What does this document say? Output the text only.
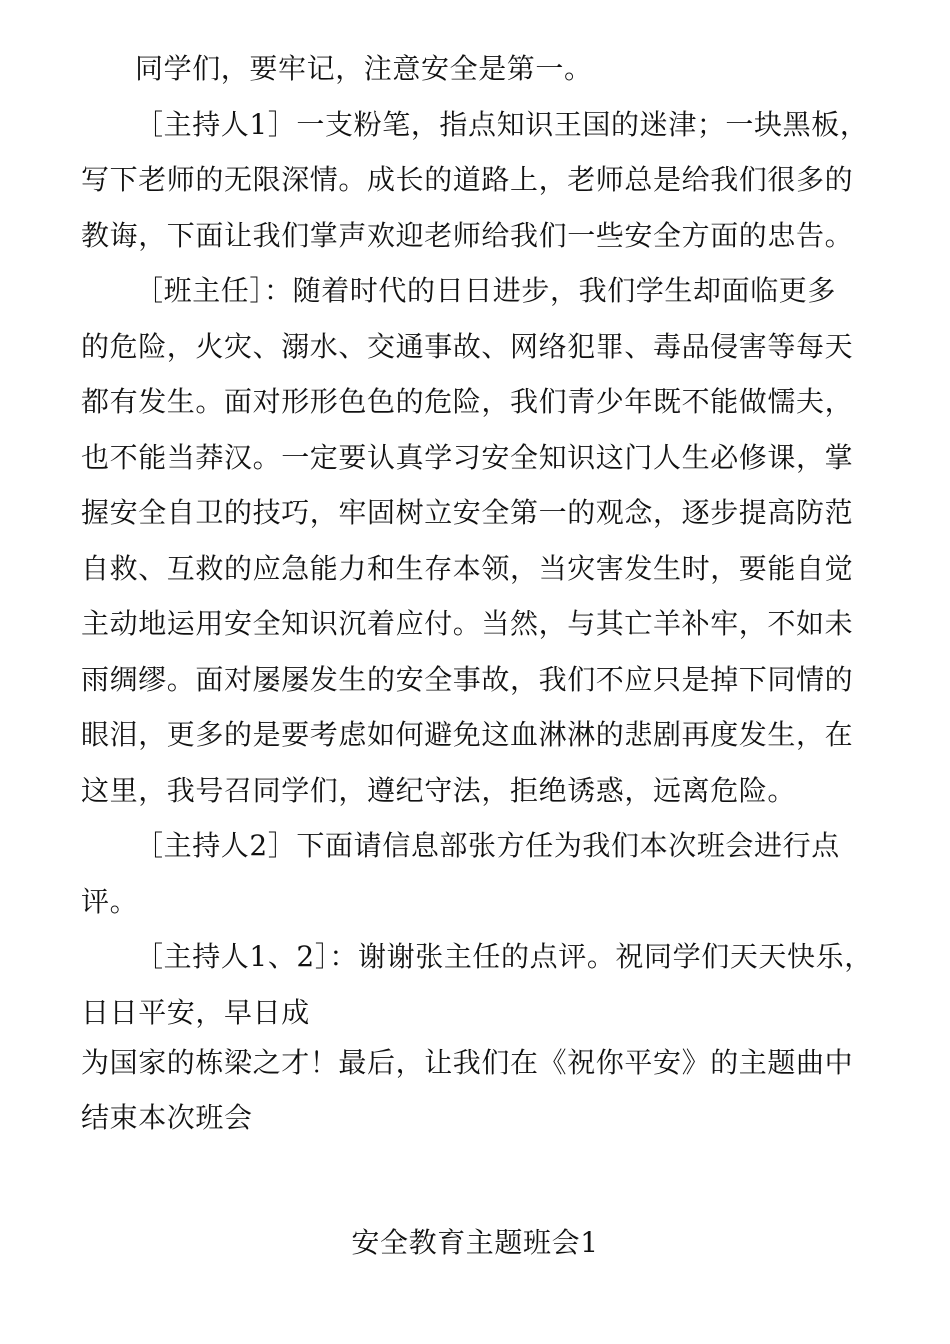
同学们，要牢记，注意安全是第一。
［主持人1］一支粉笔，指点知识王国的迷津；一块黑板，
写下老师的无限深情。成长的道路上，老师总是给我们很多的
教诲，下面让我们掌声欢迎老师给我们一些安全方面的忠告。
［班主任］：随着时代的日日进步，我们学生却面临更多
的危险，火灾、溺水、交通事故、网络犯罪、毒品侵害等每天
都有发生。面对形形色色的危险，我们青少年既不能做懦夫，
也不能当莽汉。一定要认真学习安全知识这门人生必修课，掌
握安全自卫的技巧，牢固树立安全第一的观念，逐步提高防范
自救、互救的应急能力和生存本领，当灾害发生时，要能自觉
主动地运用安全知识沉着应付。当然，与其亡羊补牢，不如未
雨绸缪。面对屡屡发生的安全事故，我们不应只是掉下同情的
眼泪，更多的是要考虑如何避免这血淋淋的悲剧再度发生，在
这里，我号召同学们，遵纪守法，拒绝诱惑，远离危险。
［主持人2］下面请信息部张方任为我们本次班会进行点
评。
［主持人1、2］：谢谢张主任的点评。祝同学们天天快乐，
日日平安，早日成
为国家的栋梁之才！最后，让我们在《祝你平安》的主题曲中
结束本次班会
安全教育主题班会1
